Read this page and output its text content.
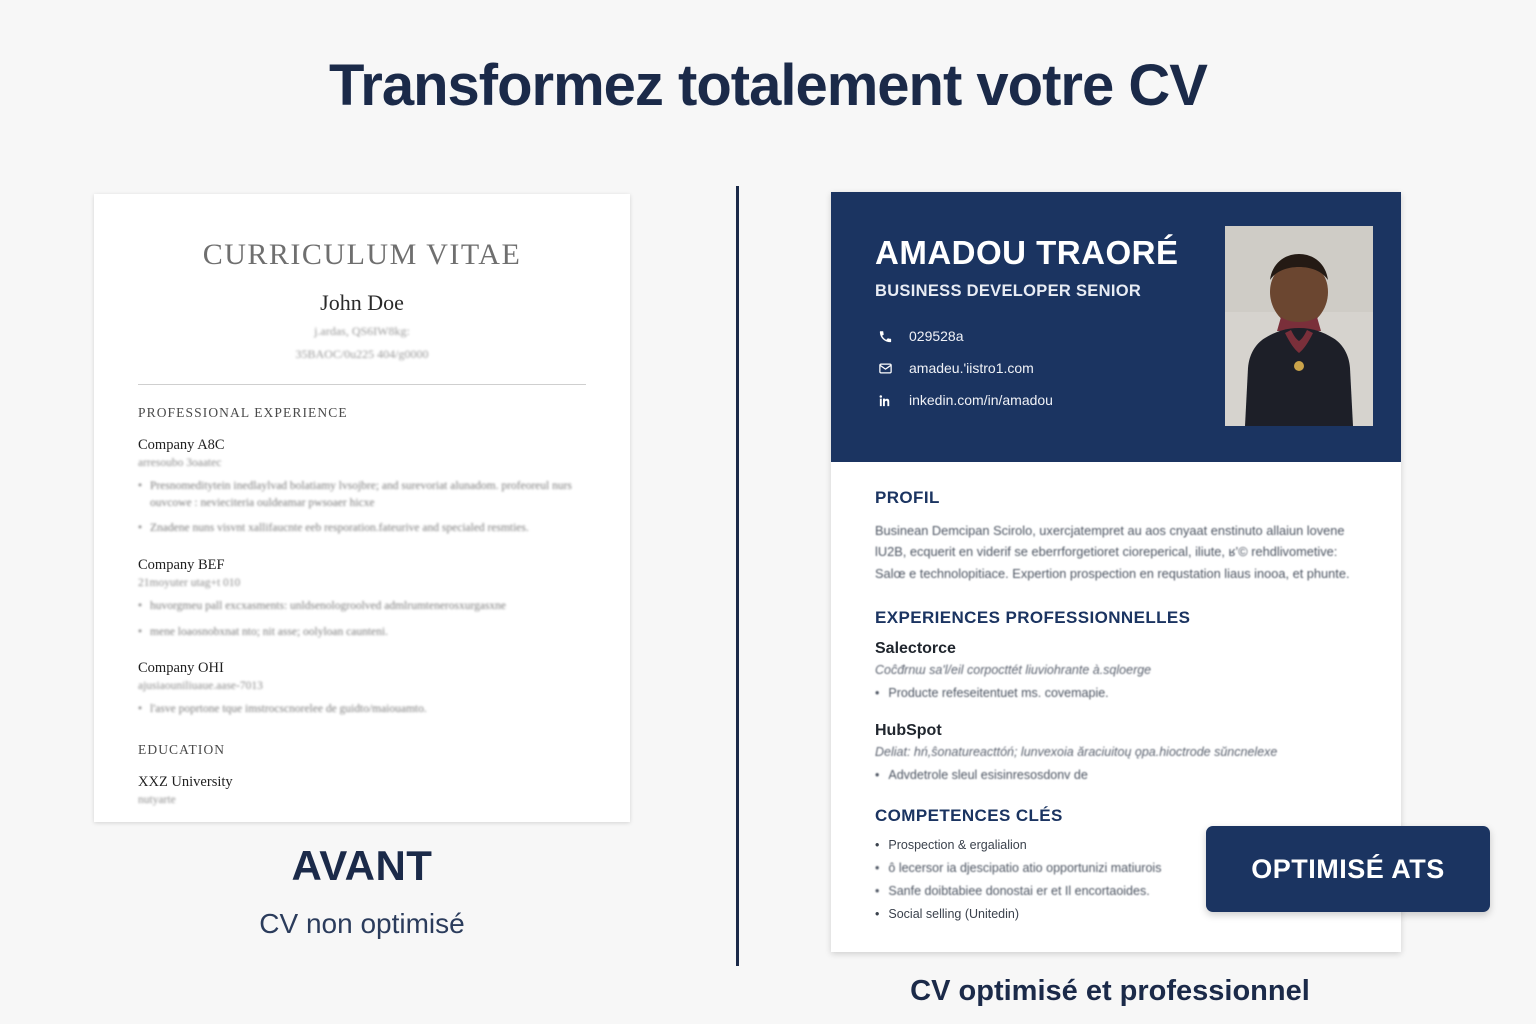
Transformez totalement votre CV
CURRICULUM VITAE
John Doe
j.ardas, QS6IW8kg:
35BAOC/0u225 404/g0000
PROFESSIONAL EXPERIENCE
Company A8C
arresoubo 3oaatec
• Presnomeditytein inedlaylvad bolatiamy lvsojbre; and surevoriat alunadom. profeoreul nurs ouvcowe : nevieciteria ouldeamar pwsoaer hicxe
• Znadene nuns visvnt xallifaucnte eeb resporation.fateurive and specialed resmties.
Company BEF
21moyuter utag+t 010
• huvorgmeu pall excxasments: unldsenologroolved admlrumtenerosxurgasxne
• mene loaosnobxnat nto; nit asse; oolyloan caunteni.
Company OHI
ajusiaouniliuaue.aase-7013
• l'asve poprtone tque imstrocscnorelee de guidto/maiouamto.
EDUCATION
XXZ University
nutyarte
AVANT
CV non optimisé
AMADOU TRAORÉ
BUSINESS DEVELOPER SENIOR
029528a
amadeu.'iistro1.com
inkedin.com/in/amadou
PROFIL
Businean Demcipan Scirolo, uxercjatempret au aos cnyaat enstinuto allaiun lovene lU2B, ecquerit en viderif se eberrforgetioret cioreperical, iliute, ʁ’© rehdlivometive: Salœ e technolopitiace. Expertion prospection en requstation liaus inooa, et phunte.
EXPERIENCES PROFESSIONNELLES
Salectorce
Coĉđrnɯ sa'l/eil corpocttét liuviohrante à.sqloerge
• Producte refeseitentuet ms. covemapie.
HubSpot
Deliat: hń,ŝonatureacttóń; lunvexoia ăraciuitoų ǫpa.hioctrode sŭncnelexe
• Advdetrole sleul esisinresosdonv de
COMPETENCES CLÉS
• Prospection & ergalialion
• ô lecersor ia djescipatio atio opportunizi matiurois
• Sanfe doibtabiee donostai er et Il encortaoides.
• Social selling (Unitedin)
OPTIMISÉ ATS
CV optimisé et professionnel
